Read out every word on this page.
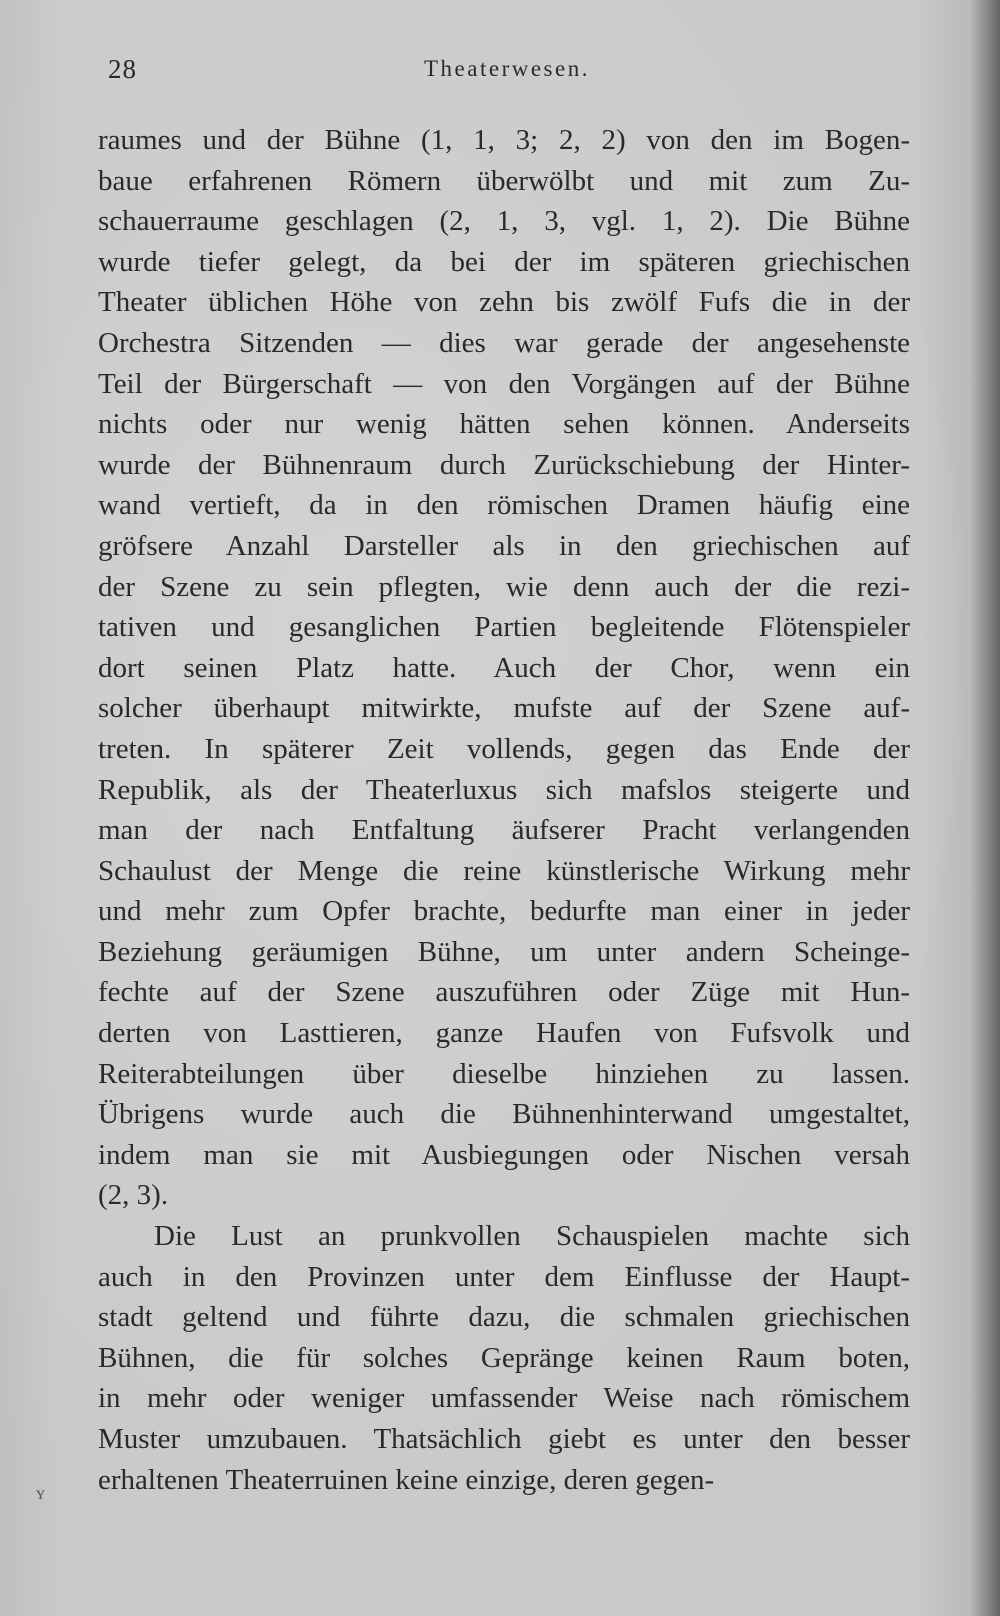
28	Theaterwesen.
raumes und der Bühne (1, 1, 3; 2, 2) von den im Bogen-
baue erfahrenen Römern überwölbt und mit zum Zu-
schauerraume geschlagen (2, 1, 3, vgl. 1, 2). Die Bühne
wurde tiefer gelegt, da bei der im späteren griechischen
Theater üblichen Höhe von zehn bis zwölf Fufs die in der
Orchestra Sitzenden — dies war gerade der angesehenste
Teil der Bürgerschaft — von den Vorgängen auf der Bühne
nichts oder nur wenig hätten sehen können. Anderseits
wurde der Bühnenraum durch Zurückschiebung der Hinter-
wand vertieft, da in den römischen Dramen häufig eine
gröfsere Anzahl Darsteller als in den griechischen auf
der Szene zu sein pflegten, wie denn auch der die rezi-
tativen und gesanglichen Partien begleitende Flötenspieler
dort seinen Platz hatte. Auch der Chor, wenn ein
solcher überhaupt mitwirkte, mufste auf der Szene auf-
treten. In späterer Zeit vollends, gegen das Ende der
Republik, als der Theaterluxus sich mafslos steigerte und
man der nach Entfaltung äufserer Pracht verlangenden
Schaulust der Menge die reine künstlerische Wirkung mehr
und mehr zum Opfer brachte, bedurfte man einer in jeder
Beziehung geräumigen Bühne, um unter andern Scheinge-
fechte auf der Szene auszuführen oder Züge mit Hun-
derten von Lasttieren, ganze Haufen von Fufsvolk und
Reiterabteilungen über dieselbe hinziehen zu lassen.
Übrigens wurde auch die Bühnenhinterwand umgestaltet,
indem man sie mit Ausbiegungen oder Nischen versah
(2, 3).
Die Lust an prunkvollen Schauspielen machte sich
auch in den Provinzen unter dem Einflusse der Haupt-
stadt geltend und führte dazu, die schmalen griechischen
Bühnen, die für solches Gepränge keinen Raum boten,
in mehr oder weniger umfassender Weise nach römischem
Muster umzubauen. Thatsächlich giebt es unter den besser
erhaltenen Theaterruinen keine einzige, deren gegen-
ʏ
